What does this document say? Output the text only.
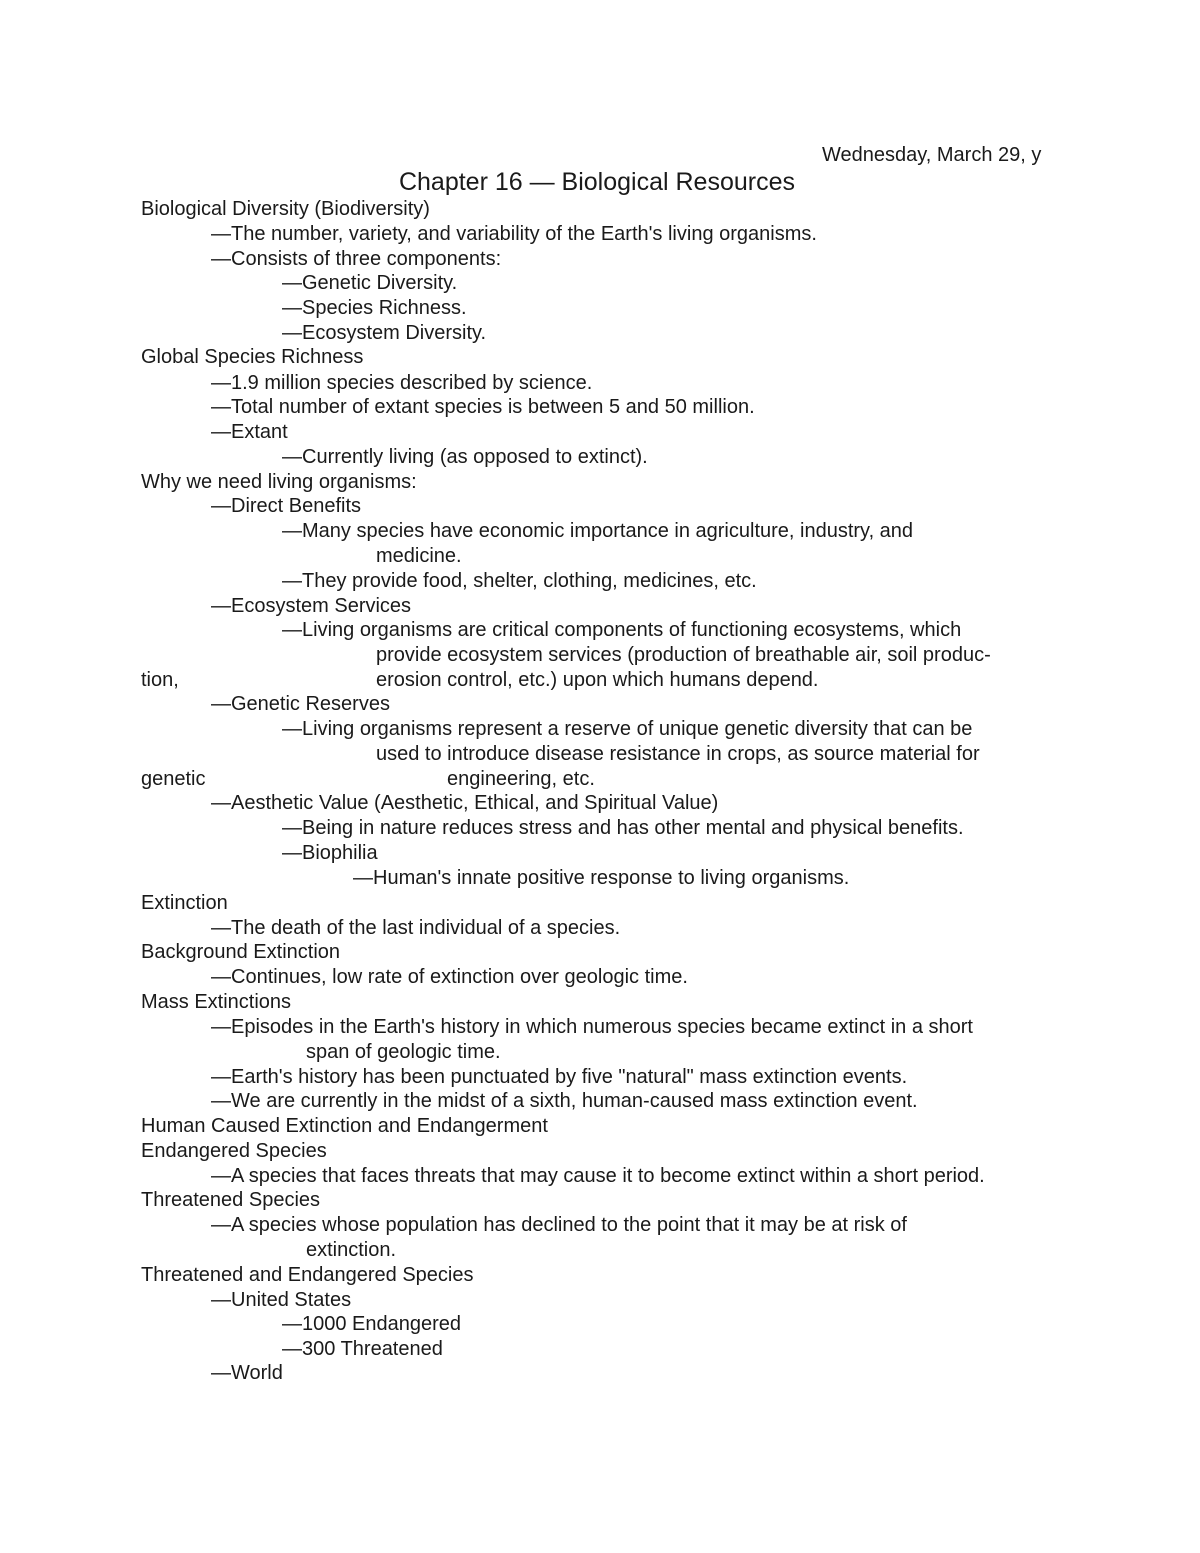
Wednesday, March 29, y
Chapter 16 — Biological Resources
Biological Diversity (Biodiversity)
—The number, variety, and variability of the Earth's living organisms.
—Consists of three components:
—Genetic Diversity.
—Species Richness.
—Ecosystem Diversity.
Global Species Richness
—1.9 million species described by science.
—Total number of extant species is between 5 and 50 million.
—Extant
—Currently living (as opposed to extinct).
Why we need living organisms:
—Direct Benefits
—Many species have economic importance in agriculture, industry, and
medicine.
—They provide food, shelter, clothing, medicines, etc.
—Ecosystem Services
—Living organisms are critical components of functioning ecosystems, which
provide ecosystem services (production of breathable air, soil produc-
tion,	erosion control, etc.) upon which humans depend.
—Genetic Reserves
—Living organisms represent a reserve of unique genetic diversity that can be
used to introduce disease resistance in crops, as source material for
genetic	engineering, etc.
—Aesthetic Value (Aesthetic, Ethical, and Spiritual Value)
—Being in nature reduces stress and has other mental and physical benefits.
—Biophilia
—Human's innate positive response to living organisms.
Extinction
—The death of the last individual of a species.
Background Extinction
—Continues, low rate of extinction over geologic time.
Mass Extinctions
—Episodes in the Earth's history in which numerous species became extinct in a short
span of geologic time.
—Earth's history has been punctuated by five "natural" mass extinction events.
—We are currently in the midst of a sixth, human-caused mass extinction event.
Human Caused Extinction and Endangerment
Endangered Species
—A species that faces threats that may cause it to become extinct within a short period.
Threatened Species
—A species whose population has declined to the point that it may be at risk of
extinction.
Threatened and Endangered Species
—United States
—1000 Endangered
—300 Threatened
—World
